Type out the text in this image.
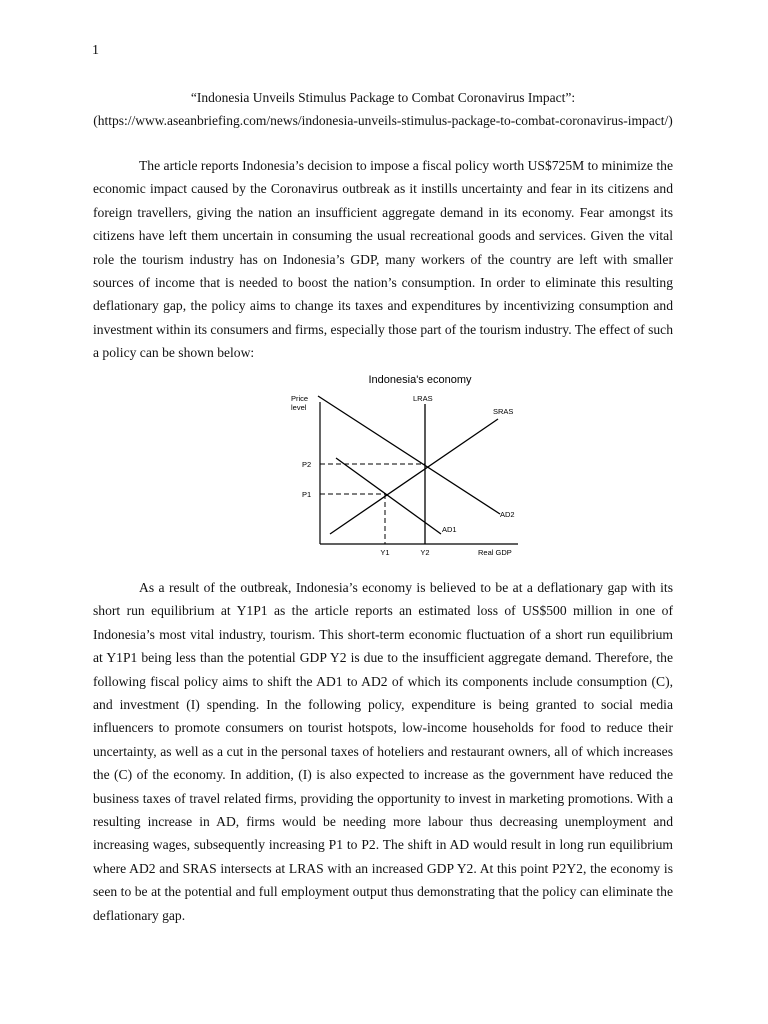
1
“Indonesia Unveils Stimulus Package to Combat Coronavirus Impact”:
(https://www.aseanbriefing.com/news/indonesia-unveils-stimulus-package-to-combat-coronavirus-impact/)

The article reports Indonesia’s decision to impose a fiscal policy worth US$725M to minimize the economic impact caused by the Coronavirus outbreak as it instills uncertainty and fear in its citizens and foreign travellers, giving the nation an insufficient aggregate demand in its economy. Fear amongst its citizens have left them uncertain in consuming the usual recreational goods and services. Given the vital role the tourism industry has on Indonesia’s GDP, many workers of the country are left with smaller sources of income that is needed to boost the nation’s consumption. In order to eliminate this resulting deflationary gap, the policy aims to change its taxes and expenditures by incentivizing consumption and investment within its consumers and firms, especially those part of the tourism industry. The effect of such a policy can be shown below:

Indonesia's economy
Price
level
LRAS
SRAS
AD2
AD1
P2
P1
Y1	Y2	Real GDP

As a result of the outbreak, Indonesia’s economy is believed to be at a deflationary gap with its short run equilibrium at Y1P1 as the article reports an estimated loss of US$500 million in one of Indonesia’s most vital industry, tourism. This short-term economic fluctuation of a short run equilibrium at Y1P1 being less than the potential GDP Y2 is due to the insufficient aggregate demand. Therefore, the following fiscal policy aims to shift the AD1 to AD2 of which its components include consumption (C), and investment (I) spending. In the following policy, expenditure is being granted to social media influencers to promote consumers on tourist hotspots, low-income households for food to reduce their uncertainty, as well as a cut in the personal taxes of hoteliers and restaurant owners, all of which increases the (C) of the economy. In addition, (I) is also expected to increase as the government have reduced the business taxes of travel related firms, providing the opportunity to invest in marketing promotions. With a resulting increase in AD, firms would be needing more labour thus decreasing unemployment and increasing wages, subsequently increasing P1 to P2. The shift in AD would result in long run equilibrium where AD2 and SRAS intersects at LRAS with an increased GDP Y2. At this point P2Y2, the economy is seen to be at the potential and full employment output thus demonstrating that the policy can eliminate the deflationary gap.
